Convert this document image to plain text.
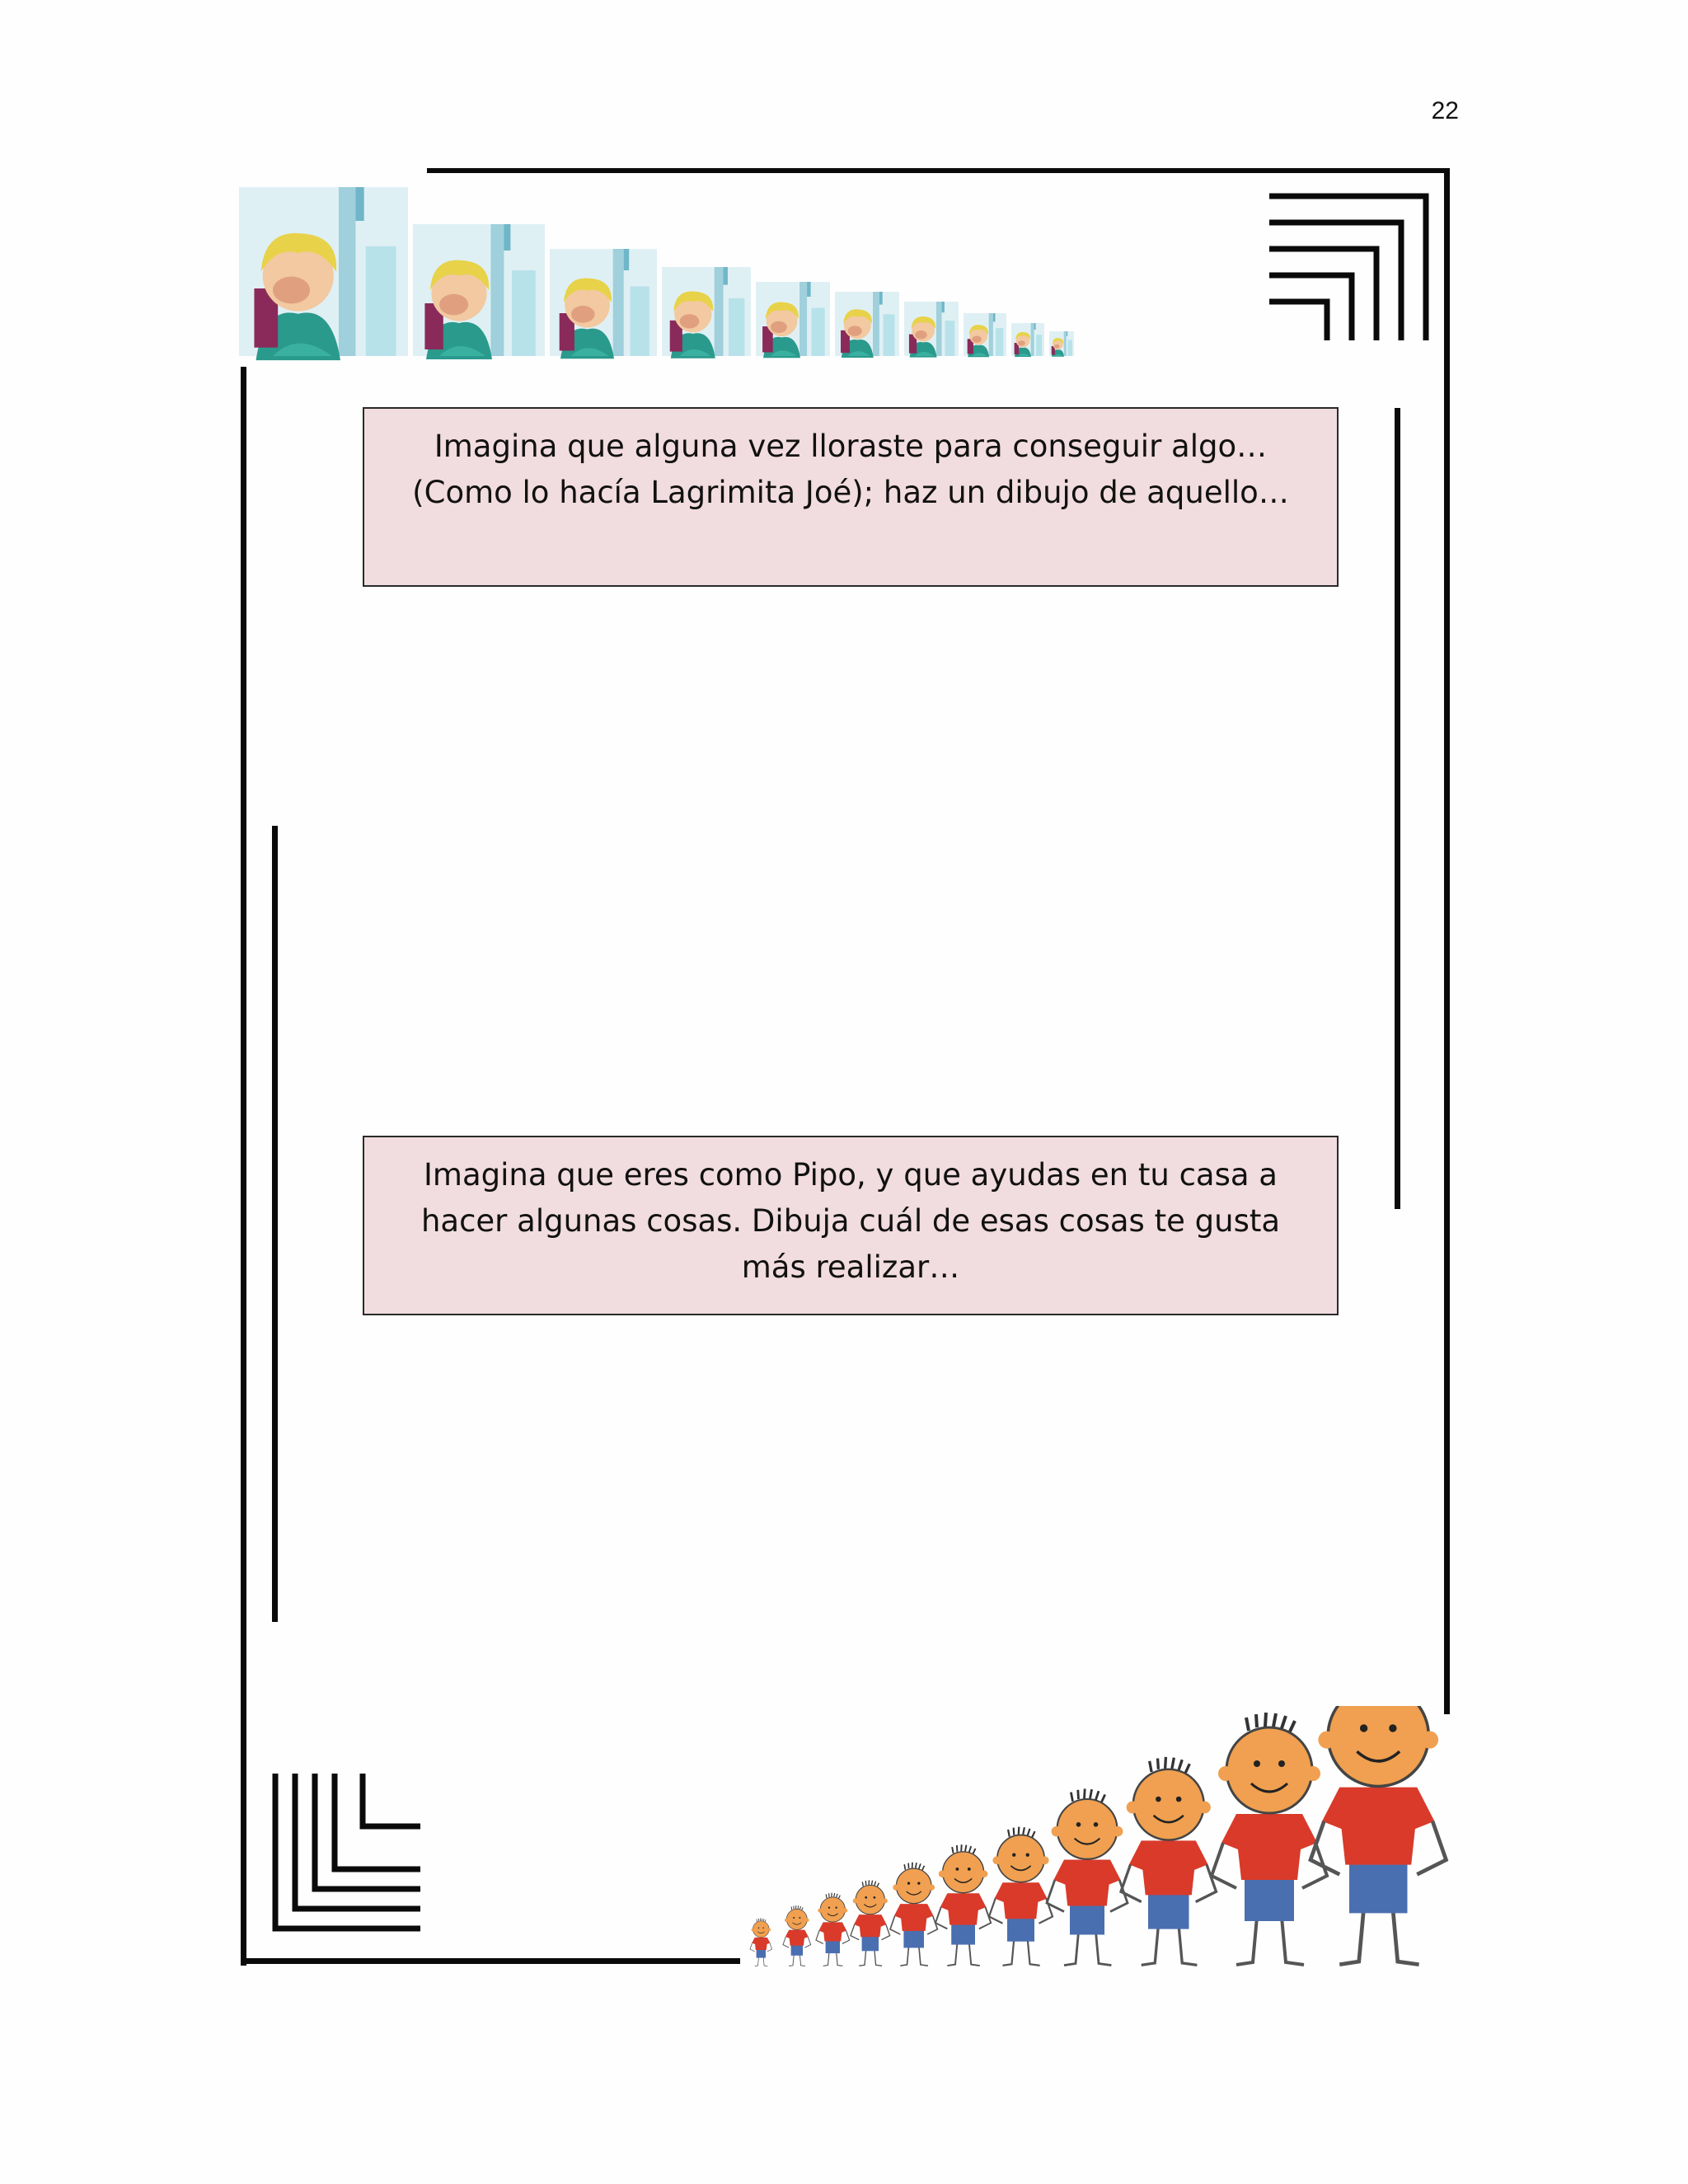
22
Imagina que alguna vez lloraste para conseguir algo… (Como lo hacía Lagrimita Joé); haz un dibujo de aquello…
Imagina que eres como Pipo, y que ayudas en tu casa a hacer algunas cosas. Dibuja cuál de esas cosas te gusta más realizar…
